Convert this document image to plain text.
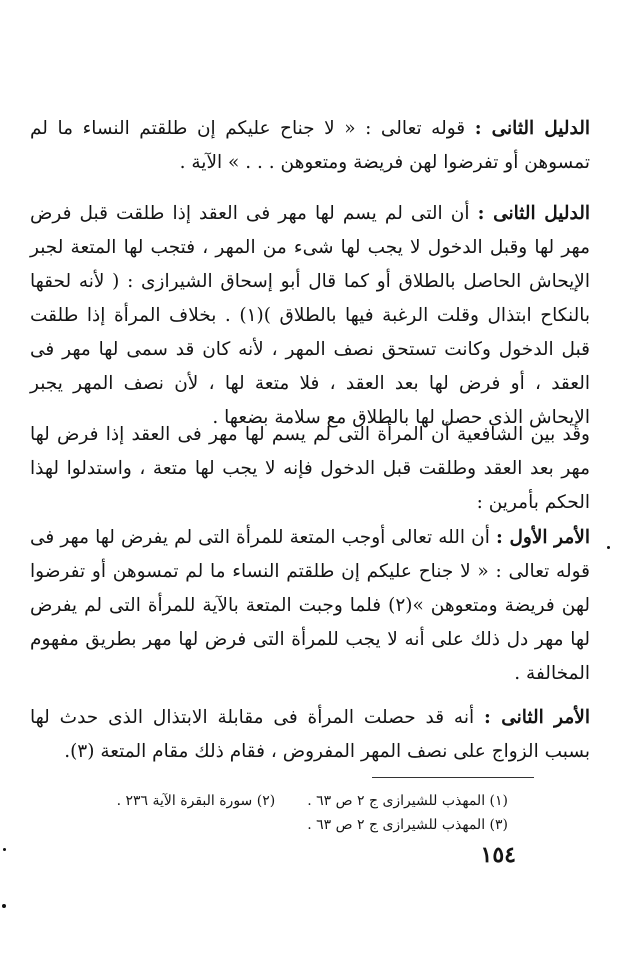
الدليل الثانى : قوله تعالى : « لا جناح عليكم إن طلقتم النساء ما لم تمسوهن أو تفرضوا لهن فريضة ومتعوهن . . . » الآية .

الدليل الثانى : أن التى لم يسم لها مهر فى العقد إذا طلقت قبل فرض مهر لها وقبل الدخول لا يجب لها شىء من المهر ، فتجب لها المتعة لجبر الإيحاش الحاصل بالطلاق أو كما قال أبو إسحاق الشيرازى : ( لأنه لحقها بالنكاح ابتذال وقلت الرغبة فيها بالطلاق )(١) . بخلاف المرأة إذا طلقت قبل الدخول وكانت تستحق نصف المهر ، لأنه كان قد سمى لها مهر فى العقد ، أو فرض لها بعد العقد ، فلا متعة لها ، لأن نصف المهر يجبر الإيحاش الذى حصل لها بالطلاق مع سلامة بضعها .

وقد بين الشافعية أن المرأة التى لم يسم لها مهر فى العقد إذا فرض لها مهر بعد العقد وطلقت قبل الدخول فإنه لا يجب لها متعة ، واستدلوا لهذا الحكم بأمرين :

الأمر الأول : أن الله تعالى أوجب المتعة للمرأة التى لم يفرض لها مهر فى قوله تعالى : « لا جناح عليكم إن طلقتم النساء ما لم تمسوهن أو تفرضوا لهن فريضة ومتعوهن »(٢) فلما وجبت المتعة بالآية للمرأة التى لم يفرض لها مهر دل ذلك على أنه لا يجب للمرأة التى فرض لها مهر بطريق مفهوم المخالفة .

الأمر الثانى : أنه قد حصلت المرأة فى مقابلة الابتذال الذى حدث لها بسبب الزواج على نصف المهر المفروض ، فقام ذلك مقام المتعة (٣).

(١) المهذب للشيرازى ج ٢ ص ٦٣ .
(٢) سورة البقرة الآية ٢٣٦ .
(٣) المهذب للشيرازى ج ٢ ص ٦٣ .
١٥٤
